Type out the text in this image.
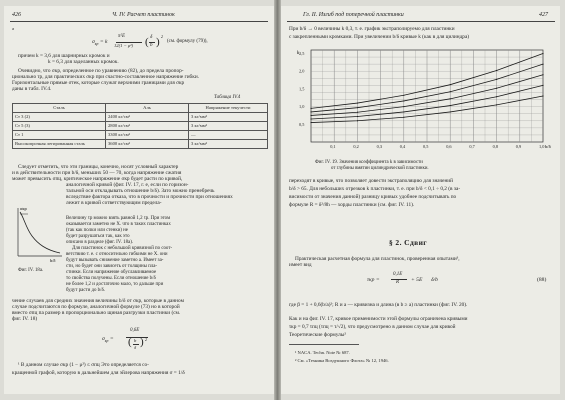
426	Ч. IV. Расчет пластинок
а
$\sigma_{кр} = k$
π²E
12(1 − μ²) ( δ
b ) 2
(см. формулу (79)),
причем k = 3,6 для шарнирных кромок и
k = 6,3 для заделанных кромок.
Очевидно, что σкр, определенное по уравнению (82), до предела пропор-
ционально τp, для практических σкр при счастно-составленное напряжение гибки.
Горизонтальные прямые σтек, которые служат верхними границами для σкр
даны в табл. IV.4.
Таблица IV.4
Сталь	Аль	Напряжение текучести
Ст 3 (2)	2400 кг/см²	3 кг/мм²
Ст 5 (3)	2800 кг/см²	3 кг/мм²
Ст 1	3300 кг/см²	—
Высокопрочная легированная сталь	3600 кг/см²	3 кг/мм²
Следует отметить, что эти границы, конечно, носят условный характер
и в действительности при b/δ, меньших 50 — 70, когда напряжение сжатия
может превысить σпц, критическое напряжение σкр будет расти по кривой,
аналогичной кривой (фиг. IV. 17, г. е, если по горизон-
тальной оси откладывать отношение b/δ). Зато можно пренебречь
вследствие фактора отказа, что в прочности и прочности при отношениях
лежит в кривой сответствующим предела-
σкр
b/δ
Фиг. IV. 18а.
Величину τp можно взять равной 1,2 τp. При этом
оказывается заметно не Х. что в таких пластинках
(так как полки или стенки) не
будет разрушаться так, как это
описано в разделе (фиг. IV. 18а).
Для пластинок с небольшой кривизной по соот-
ветствию т. е. с относительно гибкими не Х. они
будут вызывать снижение заметно а. Имеет за-
сти, но будет они зависеть от толщины пла-
стинки. Если напряжение обуславливаемое
то свойства получены. Если отношение b/δ
не более 1,2 и достаточно мало, то дальше при
будут расти до b/δ.
чение случаев для средних значения величины b/δ от σкр, которые в данном
случае подсчитаются по формуле, аналогичной формуле (73) но в которой
вместо σпц па размер в пропорционально щиная разгрузки пластинки (см.
фиг. IV. 18)
$\sigma_{кр}$ =
0,6E
( b
δ ) 2
¹ В данном случае σкр (1 − μ²) ≤ σпц Это определяется со-
кращенной графой, которую в дальнейшем для эйлерова напряжения σ = 1/δ
Гл. II. Изгиб под поперечной пластинки	427
При b/δ → 0 величины k 0,3, т. е. график экстраполируемо для пластинки
с закрепленными кромками. При увеличении b/δ кривые k (как в для цилиндра)
0,1	0,2	0,3	0,4	0,5	0,6	0,7	0,8	0,9	1,0
0,5
1,0
1,5
2,0
2,5
b/δ
k
Фиг. IV. 19. Значения коэффициента k в зависимости
от глубины вмятин цилиндрической пластинки.
переходят в кривые, что позволяет довести экстраполяцию для значений
b/δ > 65. Для небольших отрезков k пластинки, т. е. при b/δ < 0,1 ÷ 0,2 (в за-
висимости от значения данной) разницу кривых удобнее подсчитывать по
формуле R = δ²/8h — хорды пластинки (см. фиг. IV. 11).
§ 2. Сдвиг
Практическая расчетная формула для пластинок, проверенная опытами³,
имеет вид
τкр =
0,1E
R + 5E δ/b	(88)
где β = 1 + 0,6(b/a)²; R и a — кривизна и длина (в b ≥ a) пластинки (фиг. IV. 20).
Как и на фиг. IV. 17, кривое применимости этой формулы ограничена кривыми
τкр = 0,7 τпц (τпц = τ/√2), что предусмотрено в данном случае для кривой
Теоретические формулы²
¹ NACA. Techn. Note № 687.
² См. «Техника Воздушного Флота» № 12, 1946.
